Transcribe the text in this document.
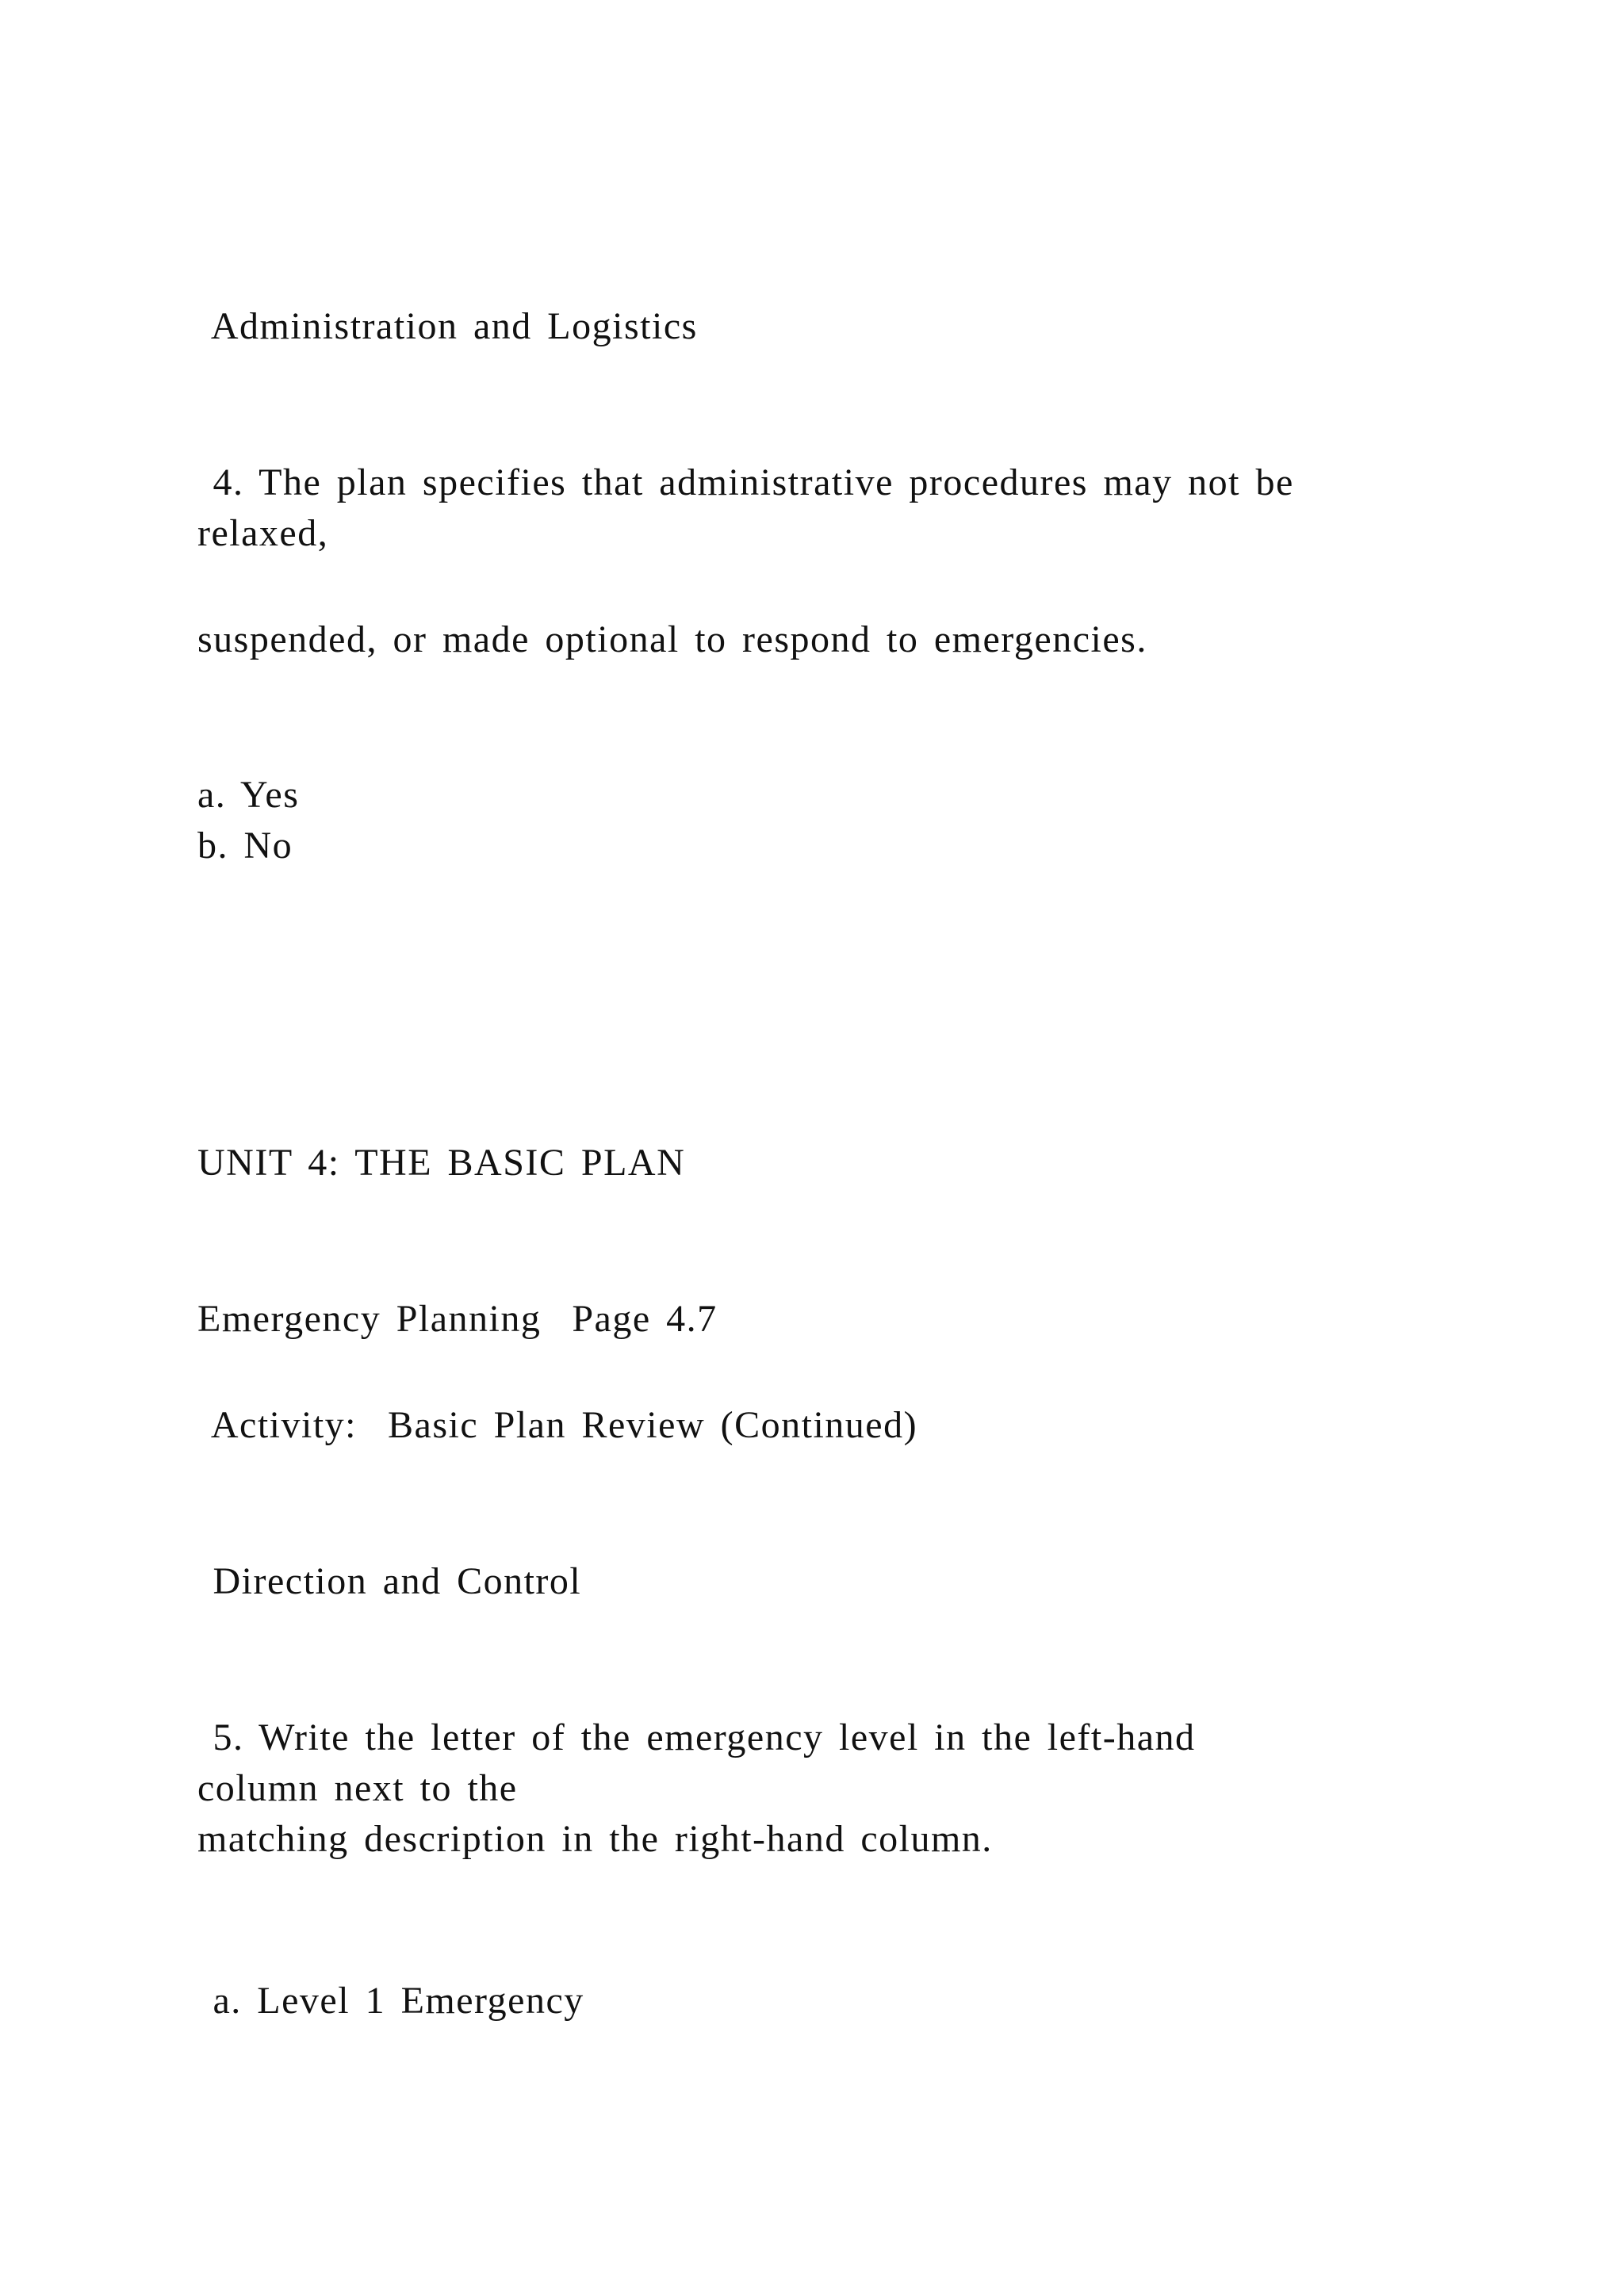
Administration and Logistics
4. The plan specifies that administrative procedures may not be
relaxed,
suspended, or made optional to respond to emergencies.
a. Yes
b. No
UNIT 4: THE BASIC PLAN
Emergency Planning  Page 4.7
Activity:  Basic Plan Review (Continued)
Direction and Control
5. Write the letter of the emergency level in the left-hand
column next to the
matching description in the right-hand column.
a. Level 1 Emergency
